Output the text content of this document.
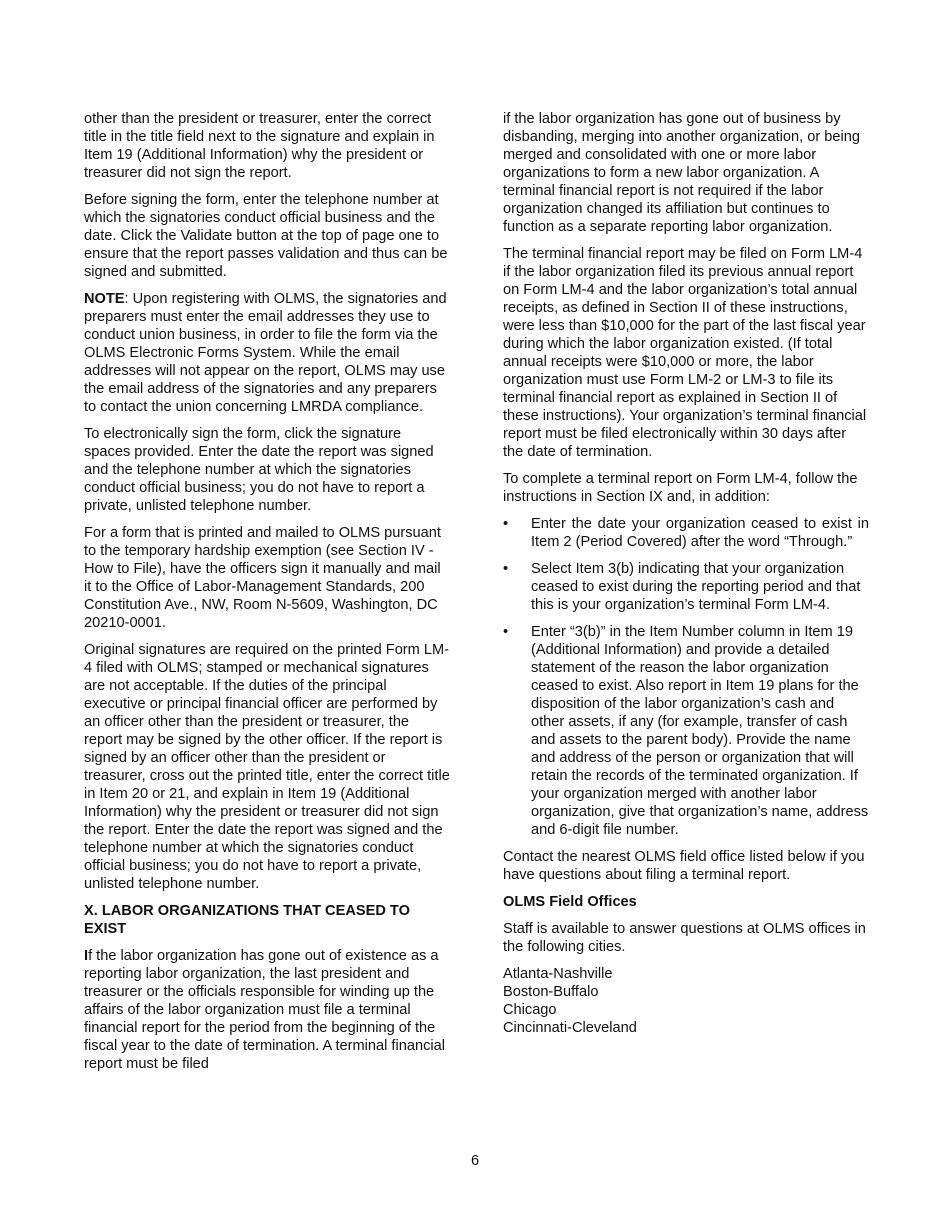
other than the president or treasurer, enter the correct title in the title field next to the signature and explain in Item 19 (Additional Information) why the president or treasurer did not sign the report.

Before signing the form, enter the telephone number at which the signatories conduct official business and the date. Click the Validate button at the top of page one to ensure that the report passes validation and thus can be signed and submitted.

NOTE: Upon registering with OLMS, the signatories and preparers must enter the email addresses they use to conduct union business, in order to file the form via the OLMS Electronic Forms System. While the email addresses will not appear on the report, OLMS may use the email address of the signatories and any preparers to contact the union concerning LMRDA compliance.

To electronically sign the form, click the signature spaces provided. Enter the date the report was signed and the telephone number at which the signatories conduct official business; you do not have to report a private, unlisted telephone number.

For a form that is printed and mailed to OLMS pursuant to the temporary hardship exemption (see Section IV - How to File), have the officers sign it manually and mail it to the Office of Labor-Management Standards, 200 Constitution Ave., NW, Room N-5609, Washington, DC 20210-0001.

Original signatures are required on the printed Form LM-4 filed with OLMS; stamped or mechanical signatures are not acceptable. If the duties of the principal executive or principal financial officer are performed by an officer other than the president or treasurer, the report may be signed by the other officer. If the report is signed by an officer other than the president or treasurer, cross out the printed title, enter the correct title in Item 20 or 21, and explain in Item 19 (Additional Information) why the president or treasurer did not sign the report. Enter the date the report was signed and the telephone number at which the signatories conduct official business; you do not have to report a private, unlisted telephone number.

X. LABOR ORGANIZATIONS THAT CEASED TO EXIST

If the labor organization has gone out of existence as a reporting labor organization, the last president and treasurer or the officials responsible for winding up the affairs of the labor organization must file a terminal financial report for the period from the beginning of the fiscal year to the date of termination. A terminal financial report must be filed

if the labor organization has gone out of business by disbanding, merging into another organization, or being merged and consolidated with one or more labor organizations to form a new labor organization. A terminal financial report is not required if the labor organization changed its affiliation but continues to function as a separate reporting labor organization.

The terminal financial report may be filed on Form LM-4 if the labor organization filed its previous annual report on Form LM-4 and the labor organization’s total annual receipts, as defined in Section II of these instructions, were less than $10,000 for the part of the last fiscal year during which the labor organization existed. (If total annual receipts were $10,000 or more, the labor organization must use Form LM-2 or LM-3 to file its terminal financial report as explained in Section II of these instructions). Your organization’s terminal financial report must be filed electronically within 30 days after the date of termination.

To complete a terminal report on Form LM-4, follow the instructions in Section IX and, in addition:

• Enter the date your organization ceased to exist in Item 2 (Period Covered) after the word “Through.”
• Select Item 3(b) indicating that your organization ceased to exist during the reporting period and that this is your organization’s terminal Form LM-4.
• Enter “3(b)” in the Item Number column in Item 19 (Additional Information) and provide a detailed statement of the reason the labor organization ceased to exist. Also report in Item 19 plans for the disposition of the labor organization’s cash and other assets, if any (for example, transfer of cash and assets to the parent body). Provide the name and address of the person or organization that will retain the records of the terminated organization. If your organization merged with another labor organization, give that organization’s name, address and 6-digit file number.

Contact the nearest OLMS field office listed below if you have questions about filing a terminal report.

OLMS Field Offices

Staff is available to answer questions at OLMS offices in the following cities.

Atlanta-Nashville
Boston-Buffalo
Chicago
Cincinnati-Cleveland

6
